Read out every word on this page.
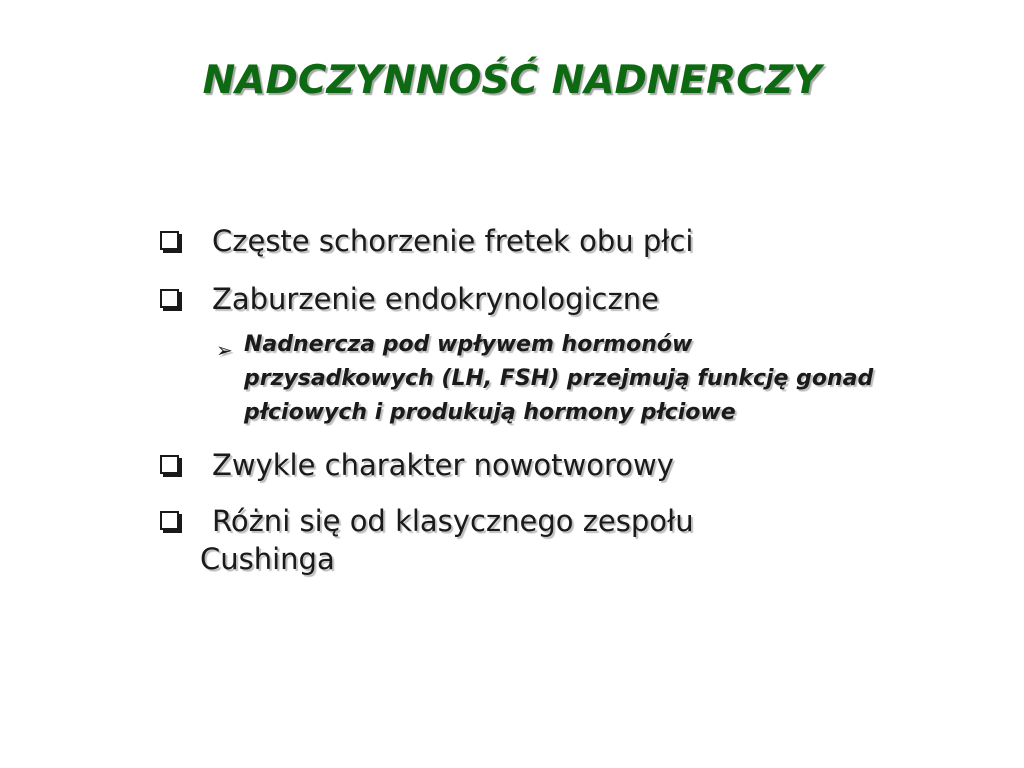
NADCZYNNOŚĆ NADNERCZY
Częste schorzenie fretek obu płci
Zaburzenie endokrynologiczne
➢ Nadnercza pod wpływem hormonów przysadkowych (LH, FSH) przejmują funkcję gonad płciowych i produkują hormony płciowe
Zwykle charakter nowotworowy
Różni się od klasycznego zespołu
Cushinga
